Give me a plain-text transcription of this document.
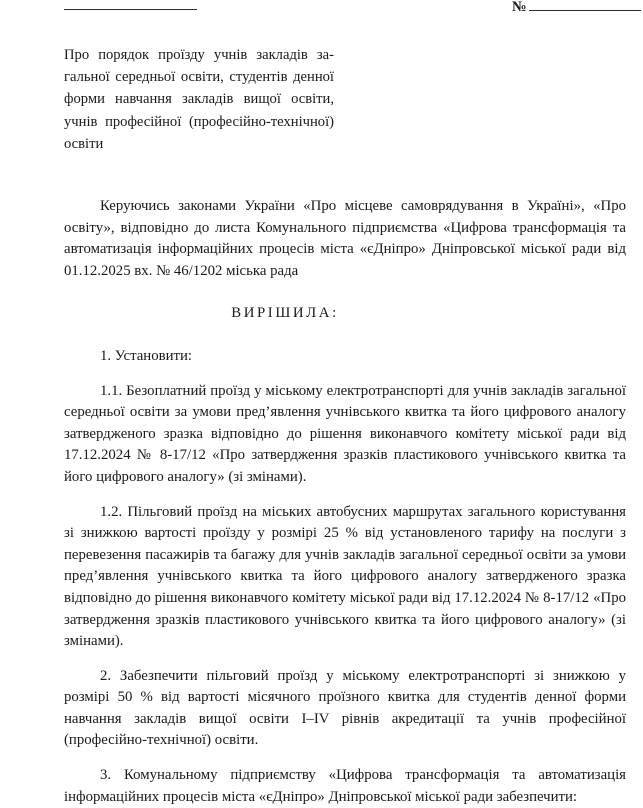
№

Про порядок проїзду учнів закладів загальної середньої освіти, студентів денної форми навчання закладів вищої освіти, учнів професійної (професійно-технічної) освіти

Керуючись законами України «Про місцеве самоврядування в Україні», «Про освіту», відповідно до листа Комунального підприємства «Цифрова трансформація та автоматизація інформаційних процесів міста «єДніпро» Дніпровської міської ради від 01.12.2025 вх. № 46/1202 міська рада

ВИРІШИЛА:

1. Установити:

1.1. Безоплатний проїзд у міському електротранспорті для учнів закладів загальної середньої освіти за умови пред’явлення учнівського квитка та його цифрового аналогу затвердженого зразка відповідно до рішення виконавчого комітету міської ради від 17.12.2024 № 8-17/12 «Про затвердження зразків пластикового учнівського квитка та його цифрового аналогу» (зі змінами).

1.2. Пільговий проїзд на міських автобусних маршрутах загального користування зі знижкою вартості проїзду у розмірі 25 % від установленого тарифу на послуги з перевезення пасажирів та багажу для учнів закладів загальної середньої освіти за умови пред’явлення учнівського квитка та його цифрового аналогу затвердженого зразка відповідно до рішення виконавчого комітету міської ради від 17.12.2024 № 8-17/12 «Про затвердження зразків пластикового учнівського квитка та його цифрового аналогу» (зі змінами).

2. Забезпечити пільговий проїзд у міському електротранспорті зі знижкою у розмірі 50 % від вартості місячного проїзного квитка для студентів денної форми навчання закладів вищої освіти I–IV рівнів акредитації та учнів професійної (професійно-технічної) освіти.

3. Комунальному підприємству «Цифрова трансформація та автоматизація інформаційних процесів міста «єДніпро» Дніпровської міської ради забезпечити:
